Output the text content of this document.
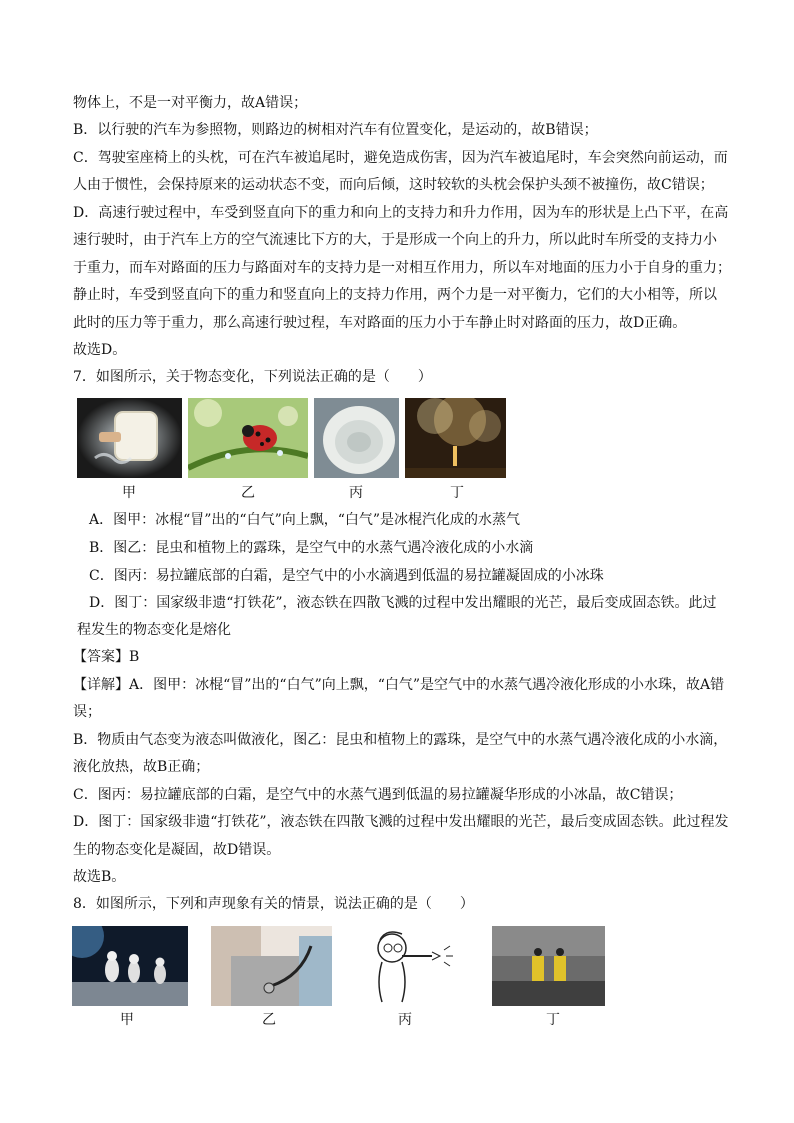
物体上，不是一对平衡力，故A错误；
B．以行驶的汽车为参照物，则路边的树相对汽车有位置变化，是运动的，故B错误；
C．驾驶室座椅上的头枕，可在汽车被追尾时，避免造成伤害，因为汽车被追尾时，车会突然向前运动，而
人由于惯性，会保持原来的运动状态不变，而向后倾，这时较软的头枕会保护头颈不被撞伤，故C错误；
D．高速行驶过程中，车受到竖直向下的重力和向上的支持力和升力作用，因为车的形状是上凸下平，在高
速行驶时，由于汽车上方的空气流速比下方的大，于是形成一个向上的升力，所以此时车所受的支持力小
于重力，而车对路面的压力与路面对车的支持力是一对相互作用力，所以车对地面的压力小于自身的重力；
静止时，车受到竖直向下的重力和竖直向上的支持力作用，两个力是一对平衡力，它们的大小相等，所以
此时的压力等于重力，那么高速行驶过程，车对路面的压力小于车静止时对路面的压力，故D正确。
故选D。
7．如图所示，关于物态变化，下列说法正确的是（　　）
甲	乙	丙	丁
A．图甲：冰棍“冒”出的“白气”向上飘，“白气”是冰棍汽化成的水蒸气
B．图乙：昆虫和植物上的露珠，是空气中的水蒸气遇冷液化成的小水滴
C．图丙：易拉罐底部的白霜，是空气中的小水滴遇到低温的易拉罐凝固成的小冰珠
D．图丁：国家级非遗“打铁花”，液态铁在四散飞溅的过程中发出耀眼的光芒，最后变成固态铁。此过
程发生的物态变化是熔化
【答案】B
【详解】A．图甲：冰棍“冒”出的“白气”向上飘，“白气”是空气中的水蒸气遇冷液化形成的小水珠，故A错
误；
B．物质由气态变为液态叫做液化，图乙：昆虫和植物上的露珠，是空气中的水蒸气遇冷液化成的小水滴，
液化放热，故B正确；
C．图丙：易拉罐底部的白霜，是空气中的水蒸气遇到低温的易拉罐凝华形成的小冰晶，故C错误；
D．图丁：国家级非遗“打铁花”，液态铁在四散飞溅的过程中发出耀眼的光芒，最后变成固态铁。此过程发
生的物态变化是凝固，故D错误。
故选B。
8．如图所示，下列和声现象有关的情景，说法正确的是（　　）
甲	乙	丙	丁
